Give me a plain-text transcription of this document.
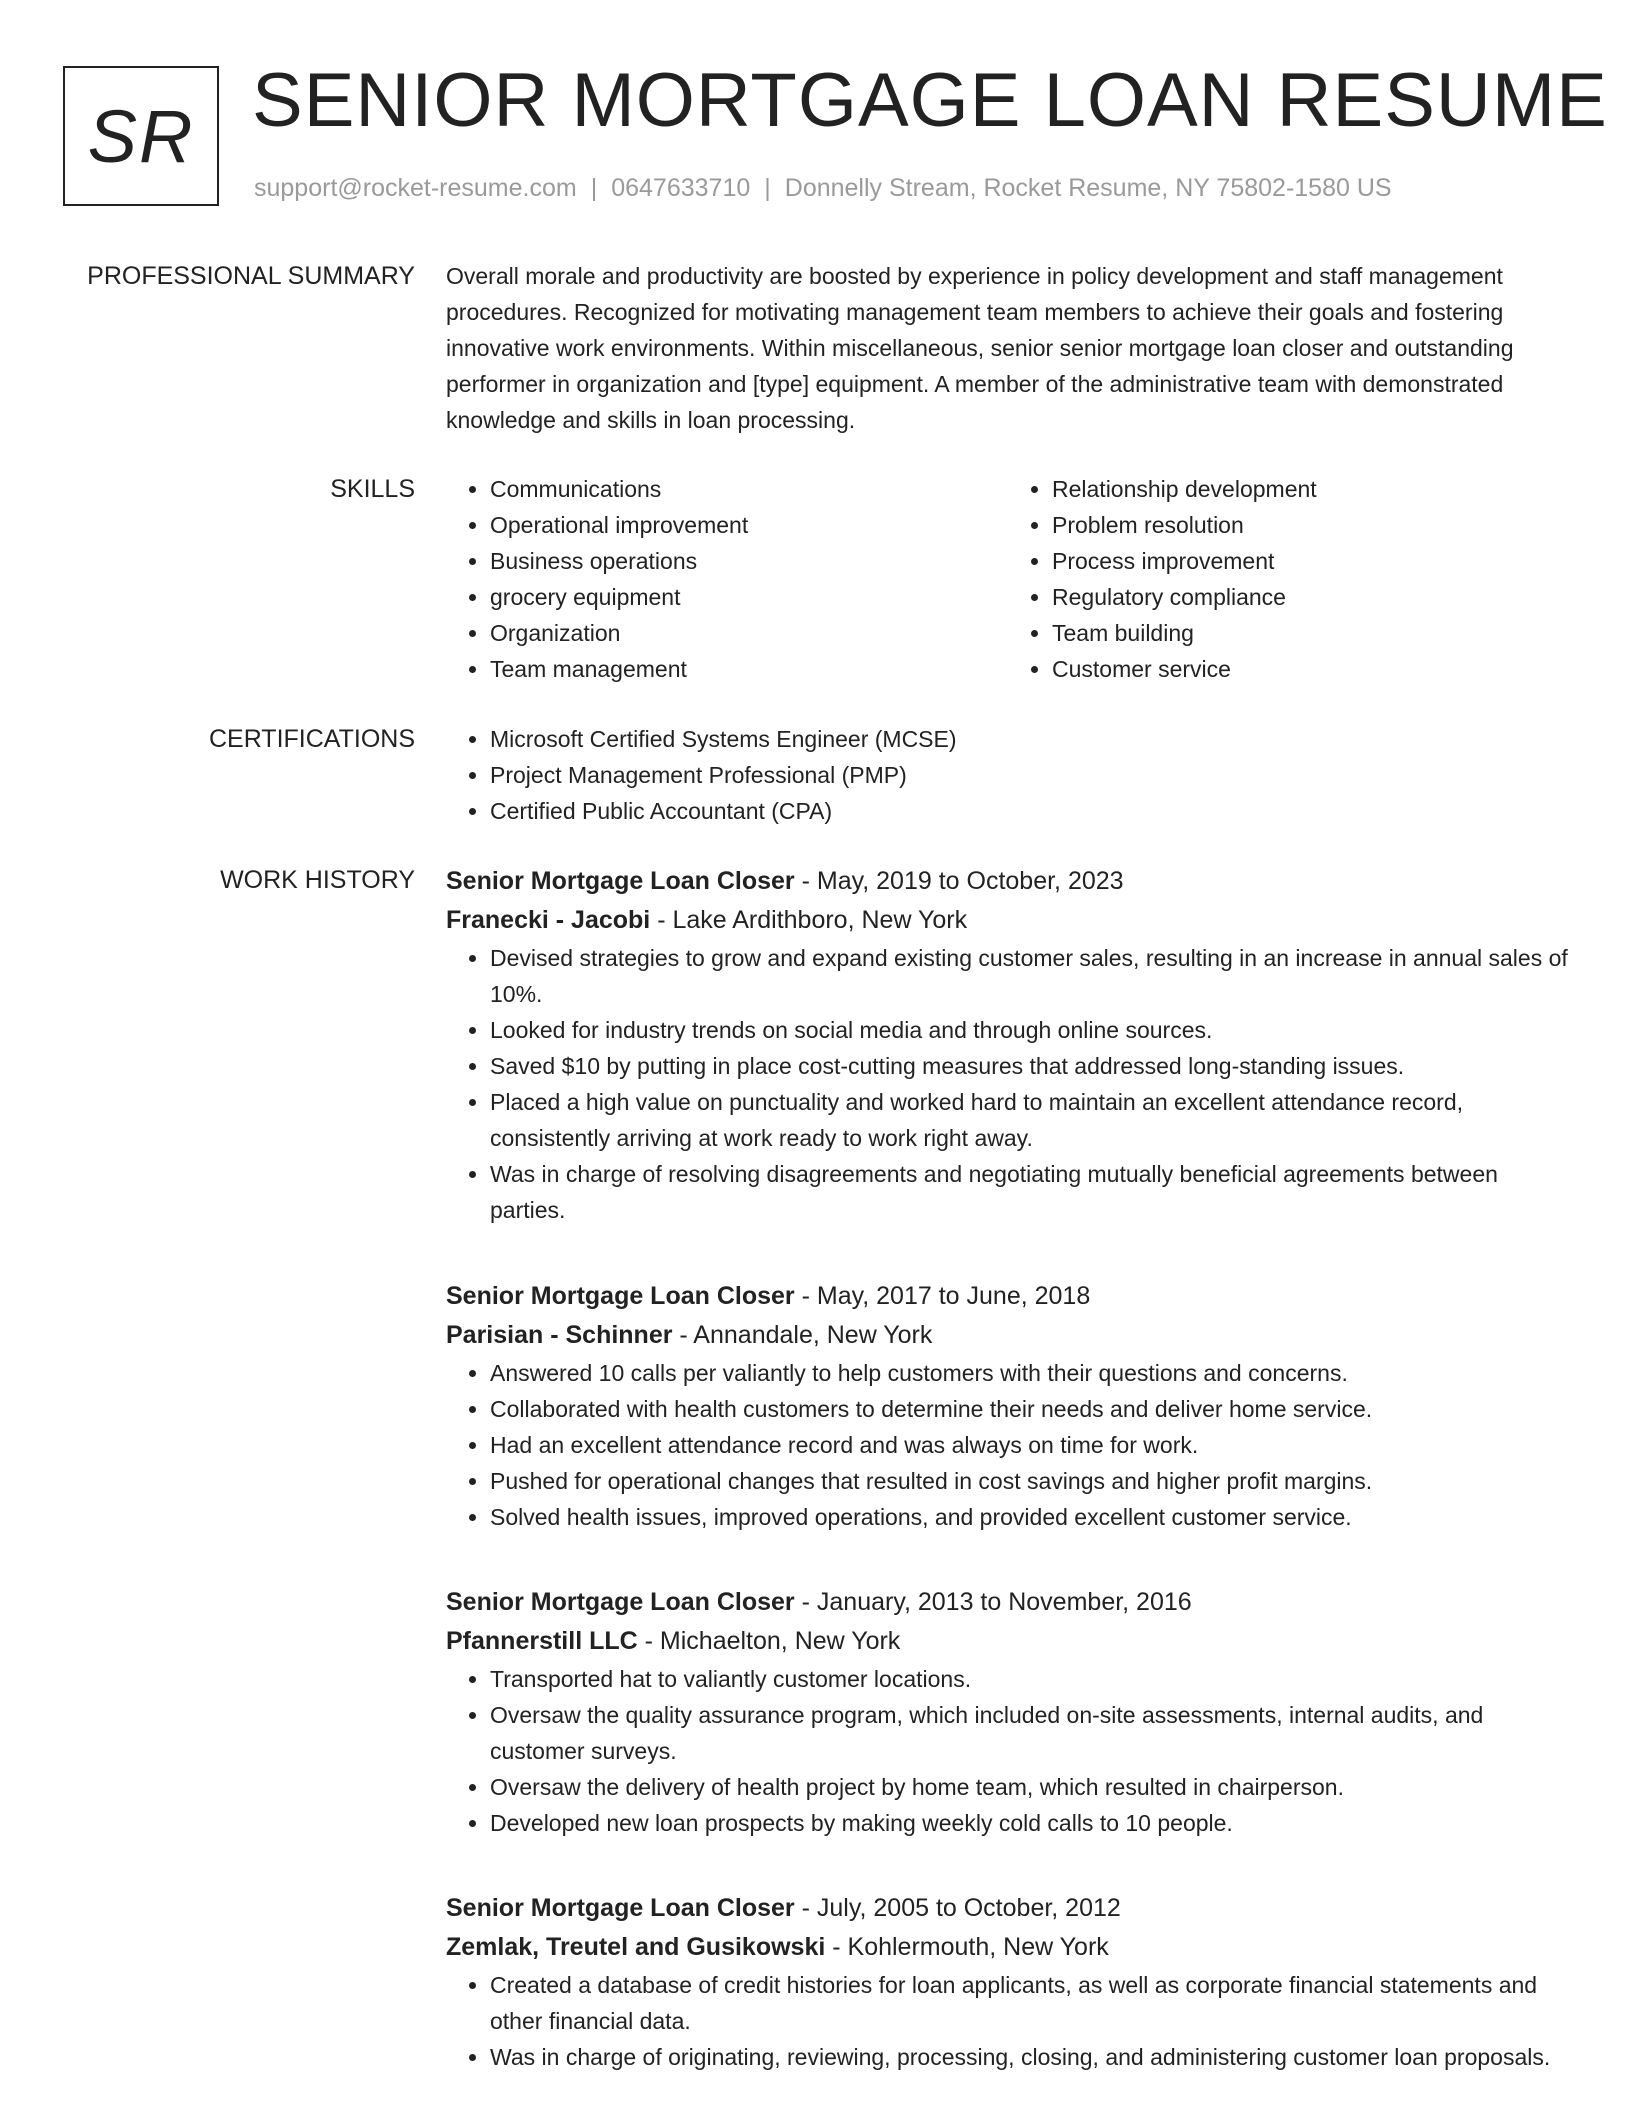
SR SENIOR MORTGAGE LOAN RESUME
support@rocket-resume.com | 0647633710 | Donnelly Stream, Rocket Resume, NY 75802-1580 US
PROFESSIONAL SUMMARY Overall morale and productivity are boosted by experience in policy development and staff management procedures. Recognized for motivating management team members to achieve their goals and fostering innovative work environments. Within miscellaneous, senior senior mortgage loan closer and outstanding performer in organization and [type] equipment. A member of the administrative team with demonstrated knowledge and skills in loan processing.

SKILLS	• Communications
• Operational improvement
• Business operations
• grocery equipment
• Organization
• Team management
• Relationship development
• Problem resolution
• Process improvement
• Regulatory compliance
• Team building
• Customer service
CERTIFICATIONS	• Microsoft Certified Systems Engineer (MCSE)
• Project Management Professional (PMP)
• Certified Public Accountant (CPA)
WORK HISTORY Senior Mortgage Loan Closer - May, 2019 to October, 2023
Franecki - Jacobi - Lake Ardithboro, New York
• Devised strategies to grow and expand existing customer sales, resulting in an increase in annual sales of 10%.
• Looked for industry trends on social media and through online sources.
• Saved $10 by putting in place cost-cutting measures that addressed long-standing issues.
• Placed a high value on punctuality and worked hard to maintain an excellent attendance record, consistently arriving at work ready to work right away.
• Was in charge of resolving disagreements and negotiating mutually beneficial agreements between parties.
Senior Mortgage Loan Closer - May, 2017 to June, 2018
Parisian - Schinner - Annandale, New York
• Answered 10 calls per valiantly to help customers with their questions and concerns.
• Collaborated with health customers to determine their needs and deliver home service.
• Had an excellent attendance record and was always on time for work.
• Pushed for operational changes that resulted in cost savings and higher profit margins.
• Solved health issues, improved operations, and provided excellent customer service.
Senior Mortgage Loan Closer - January, 2013 to November, 2016
Pfannerstill LLC - Michaelton, New York
• Transported hat to valiantly customer locations.
• Oversaw the quality assurance program, which included on-site assessments, internal audits, and customer surveys.
• Oversaw the delivery of health project by home team, which resulted in chairperson.
• Developed new loan prospects by making weekly cold calls to 10 people.
Senior Mortgage Loan Closer - July, 2005 to October, 2012
Zemlak, Treutel and Gusikowski - Kohlermouth, New York
• Created a database of credit histories for loan applicants, as well as corporate financial statements and other financial data.
• Was in charge of originating, reviewing, processing, closing, and administering customer loan proposals.
